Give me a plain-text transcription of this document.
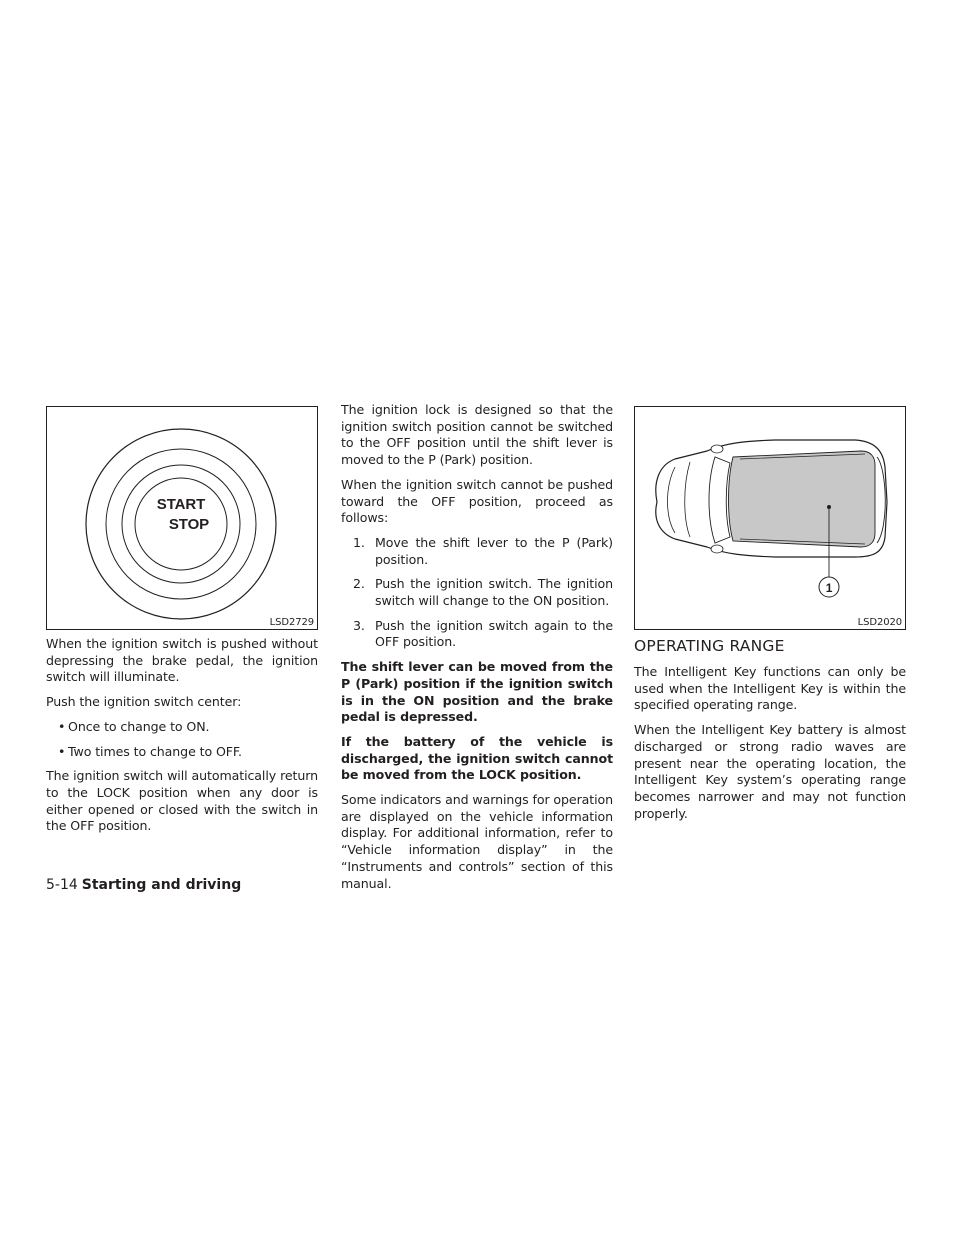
START
STOP
LSD2729

When the ignition switch is pushed without depressing the brake pedal, the ignition switch will illuminate.

Push the ignition switch center:

• Once to change to ON.
• Two times to change to OFF.

The ignition switch will automatically return to the LOCK position when any door is either opened or closed with the switch in the OFF position.

The ignition lock is designed so that the ignition switch position cannot be switched to the OFF position until the shift lever is moved to the P (Park) position.

When the ignition switch cannot be pushed toward the OFF position, proceed as follows:

1. Move the shift lever to the P (Park) position.
2. Push the ignition switch. The ignition switch will change to the ON position.
3. Push the ignition switch again to the OFF position.

The shift lever can be moved from the P (Park) position if the ignition switch is in the ON position and the brake pedal is depressed.

If the battery of the vehicle is discharged, the ignition switch cannot be moved from the LOCK position.

Some indicators and warnings for operation are displayed on the vehicle information display. For additional information, refer to “Vehicle information display” in the “Instruments and controls” section of this manual.

1
LSD2020
OPERATING RANGE

The Intelligent Key functions can only be used when the Intelligent Key is within the specified operating range.

When the Intelligent Key battery is almost discharged or strong radio waves are present near the operating location, the Intelligent Key system’s operating range becomes narrower and may not function properly.

5-14 Starting and driving
